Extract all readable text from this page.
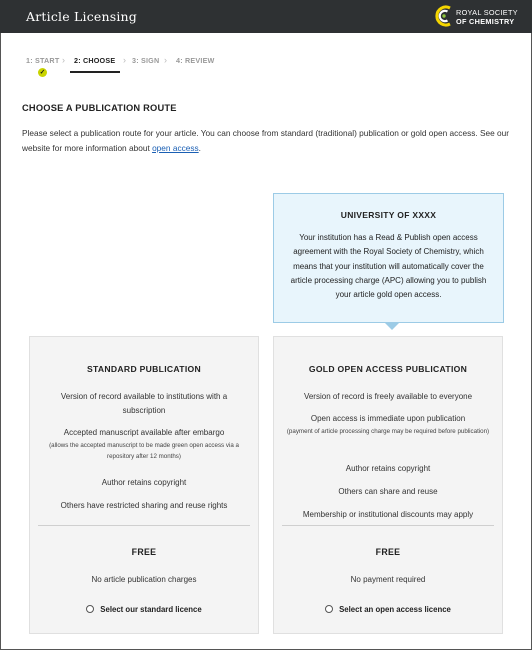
Article Licensing	ROYAL SOCIETY
OF CHEMISTRY
1: START › 2: CHOOSE › 3: SIGN › 4: REVIEW
✓
CHOOSE A PUBLICATION ROUTE
Please select a publication route for your article. You can choose from standard (traditional) publication or gold open access. See our website for more information about open access.
UNIVERSITY OF XXXX

Your institution has a Read & Publish open access agreement with the Royal Society of Chemistry, which means that your institution will automatically cover the article processing charge (APC) allowing you to publish your article gold open access.

STANDARD PUBLICATION
Version of record available to institutions with a subscription
Accepted manuscript available after embargo
(allows the accepted manuscript to be made green open access via a repository after 12 months)
Author retains copyright
Others have restricted sharing and reuse rights
FREE
No article publication charges
Select our standard licence
GOLD OPEN ACCESS PUBLICATION
Version of record is freely available to everyone
Open access is immediate upon publication
(payment of article processing charge may be required before publication)
Author retains copyright
Others can share and reuse
Membership or institutional discounts may apply
FREE
No payment required
Select an open access licence
